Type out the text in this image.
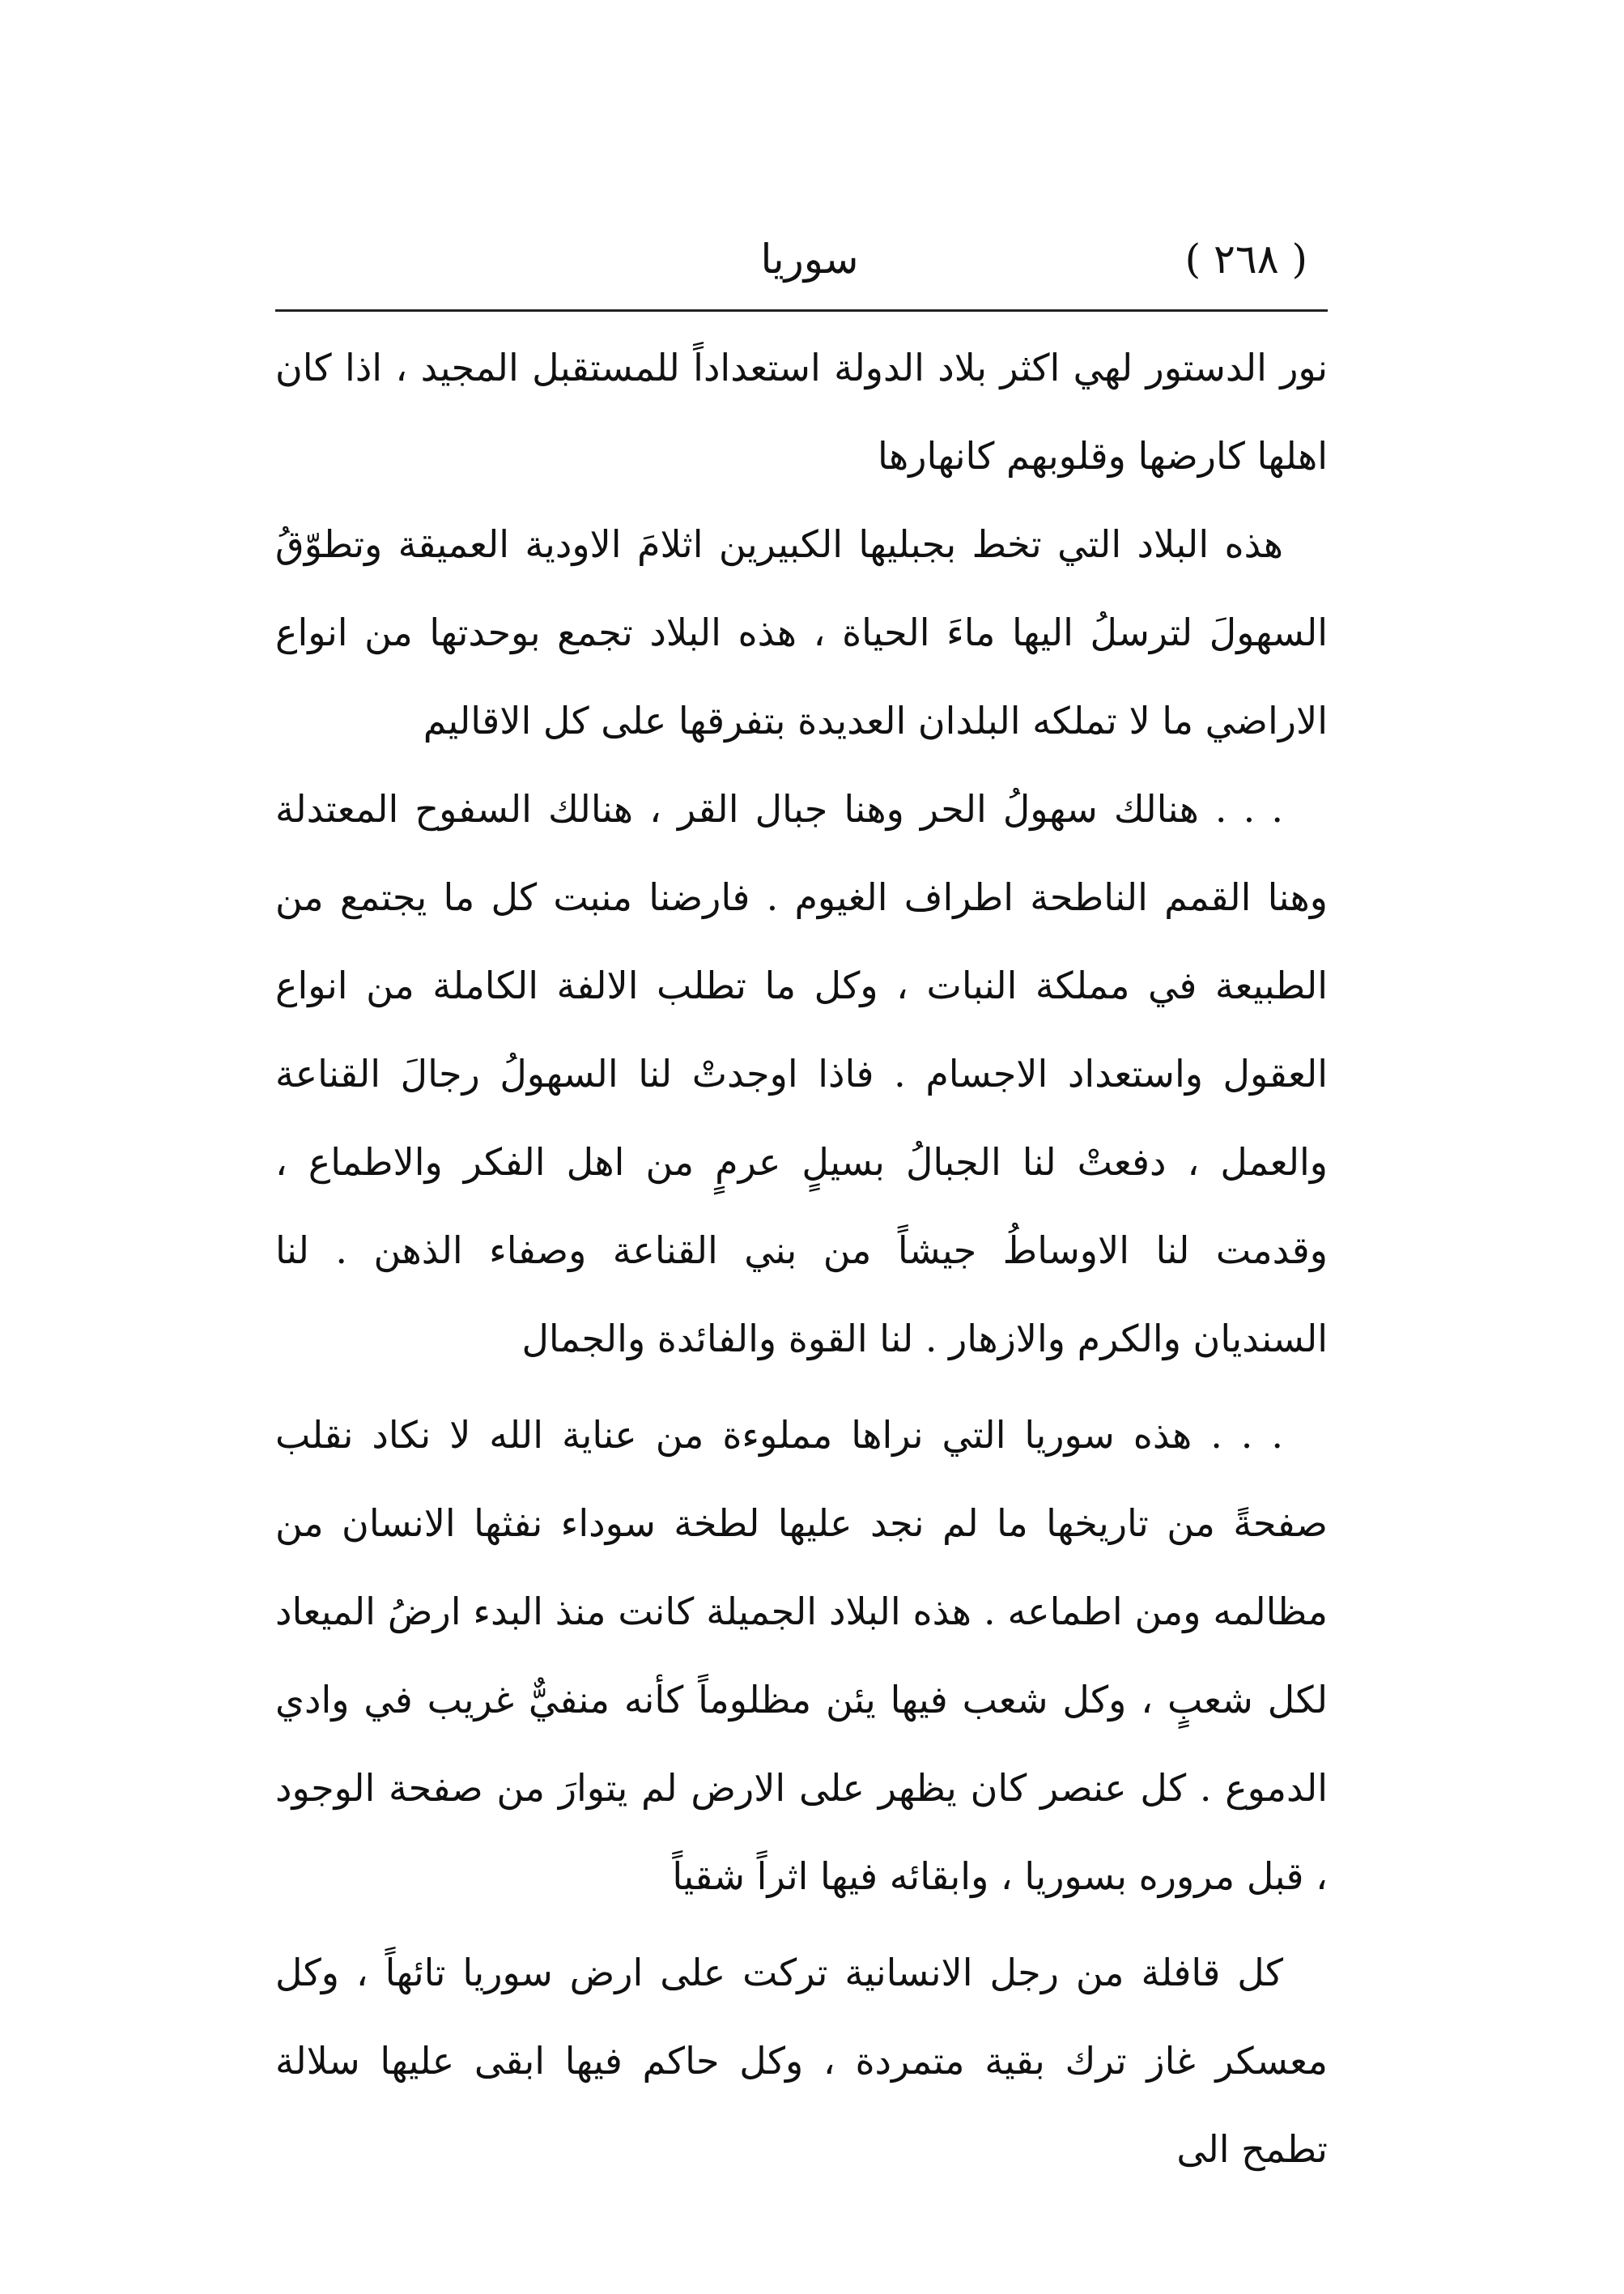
( ٢٦٨ )
سوريا

نور الدستور لهي اكثر بلاد الدولة استعداداً للمستقبل المجيد ، اذا كان اهلها كارضها وقلوبهم كانهارها

هذه البلاد التي تخط بجبليها الكبيرين اثلامَ الاودية العميقة وتطوّقُ السهولَ لترسلُ اليها ماءَ الحياة ، هذه البلاد تجمع بوحدتها من انواع الاراضي ما لا تملكه البلدان العديدة بتفرقها على كل الاقاليم

. . . هنالك سهولُ الحر وهنا جبال القر ، هنالك السفوح المعتدلة وهنا القمم الناطحة اطراف الغيوم . فارضنا منبت كل ما يجتمع من الطبيعة في مملكة النبات ، وكل ما تطلب الالفة الكاملة من انواع العقول واستعداد الاجسام . فاذا اوجدتْ لنا السهولُ رجالَ القناعة والعمل ، دفعتْ لنا الجبالُ بسيلٍ عرمٍ من اهل الفكر والاطماع ، وقدمت لنا الاوساطُ جيشاً من بني القناعة وصفاء الذهن . لنا السنديان والكرم والازهار . لنا القوة والفائدة والجمال

. . . هذه سوريا التي نراها مملوءة من عناية الله لا نكاد نقلب صفحةً من تاريخها ما لم نجد عليها لطخة سوداء نفثها الانسان من مظالمه ومن اطماعه . هذه البلاد الجميلة كانت منذ البدء ارضُ الميعاد لكل شعبٍ ، وكل شعب فيها يئن مظلوماً كأنه منفيٌّ غريب في وادي الدموع . كل عنصر كان يظهر على الارض لم يتوارَ من صفحة الوجود ، قبل مروره بسوريا ، وابقائه فيها اثراً شقياً

كل قافلة من رجل الانسانية تركت على ارض سوريا تائهاً ، وكل معسكر غاز ترك بقية متمردة ، وكل حاكم فيها ابقى عليها سلالة تطمح الى
